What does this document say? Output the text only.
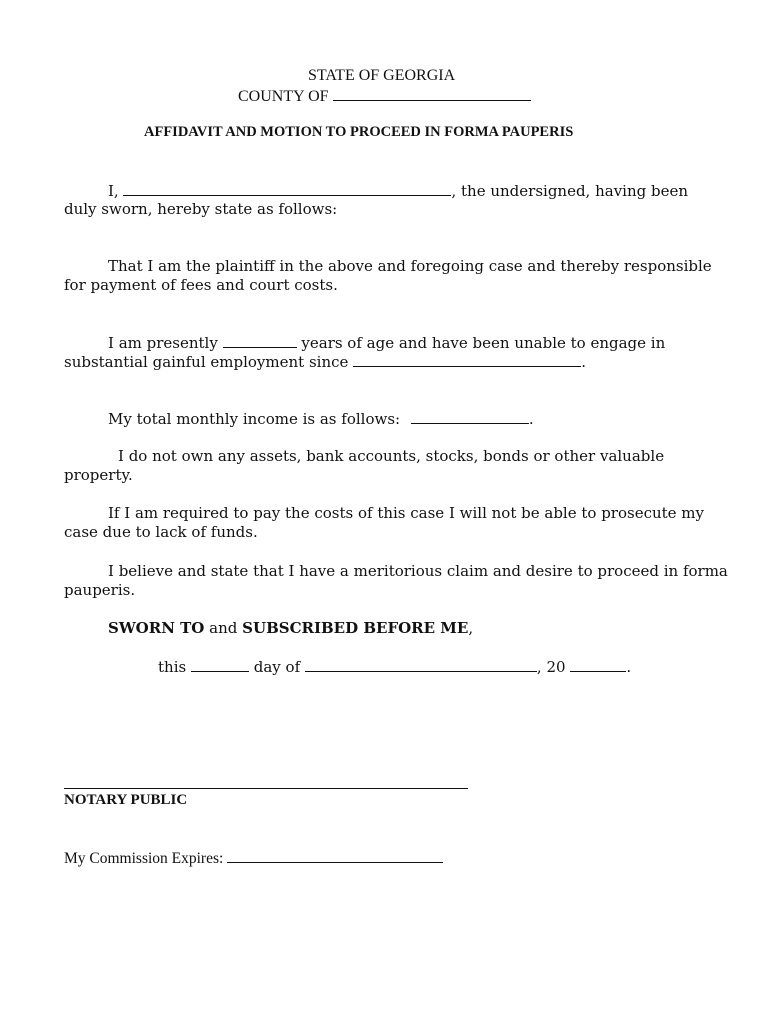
STATE OF GEORGIA
COUNTY OF
AFFIDAVIT AND MOTION TO PROCEED IN FORMA PAUPERIS
I,	, the undersigned, having been
duly sworn, hereby state as follows:
That I am the plaintiff in the above and foregoing case and thereby responsible
for payment of fees and court costs.
I am presently	years of age and have been unable to engage in
substantial gainful employment since	.
My total monthly income is as follows:	.
I do not own any assets, bank accounts, stocks, bonds or other valuable
property.
If I am required to pay the costs of this case I will not be able to prosecute my
case due to lack of funds.
I believe and state that I have a meritorious claim and desire to proceed in forma
pauperis.
SWORN TO and SUBSCRIBED BEFORE ME,
this	day of	, 20	.
NOTARY PUBLIC
My Commission Expires:
